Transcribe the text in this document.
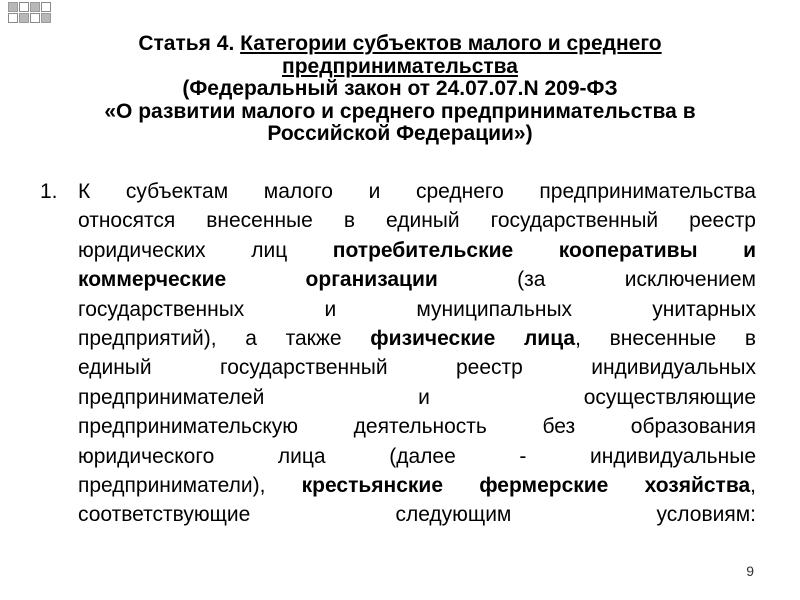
Статья 4. Категории субъектов малого и среднего
предпринимательства
(Федеральный закон от 24.07.07.N 209-ФЗ
«О развитии малого и среднего предпринимательства в
Российской Федерации»)
1. К субъектам малого и среднего предпринимательства
относятся внесенные в единый государственный реестр
юридических лиц потребительские кооперативы и
коммерческие организации (за исключением
государственных и муниципальных унитарных
предприятий), а также физические лица, внесенные в
единый государственный реестр индивидуальных
предпринимателей и осуществляющие
предпринимательскую деятельность без образования
юридического лица (далее - индивидуальные
предприниматели), крестьянские фермерские хозяйства,
соответствующие следующим условиям:
9
